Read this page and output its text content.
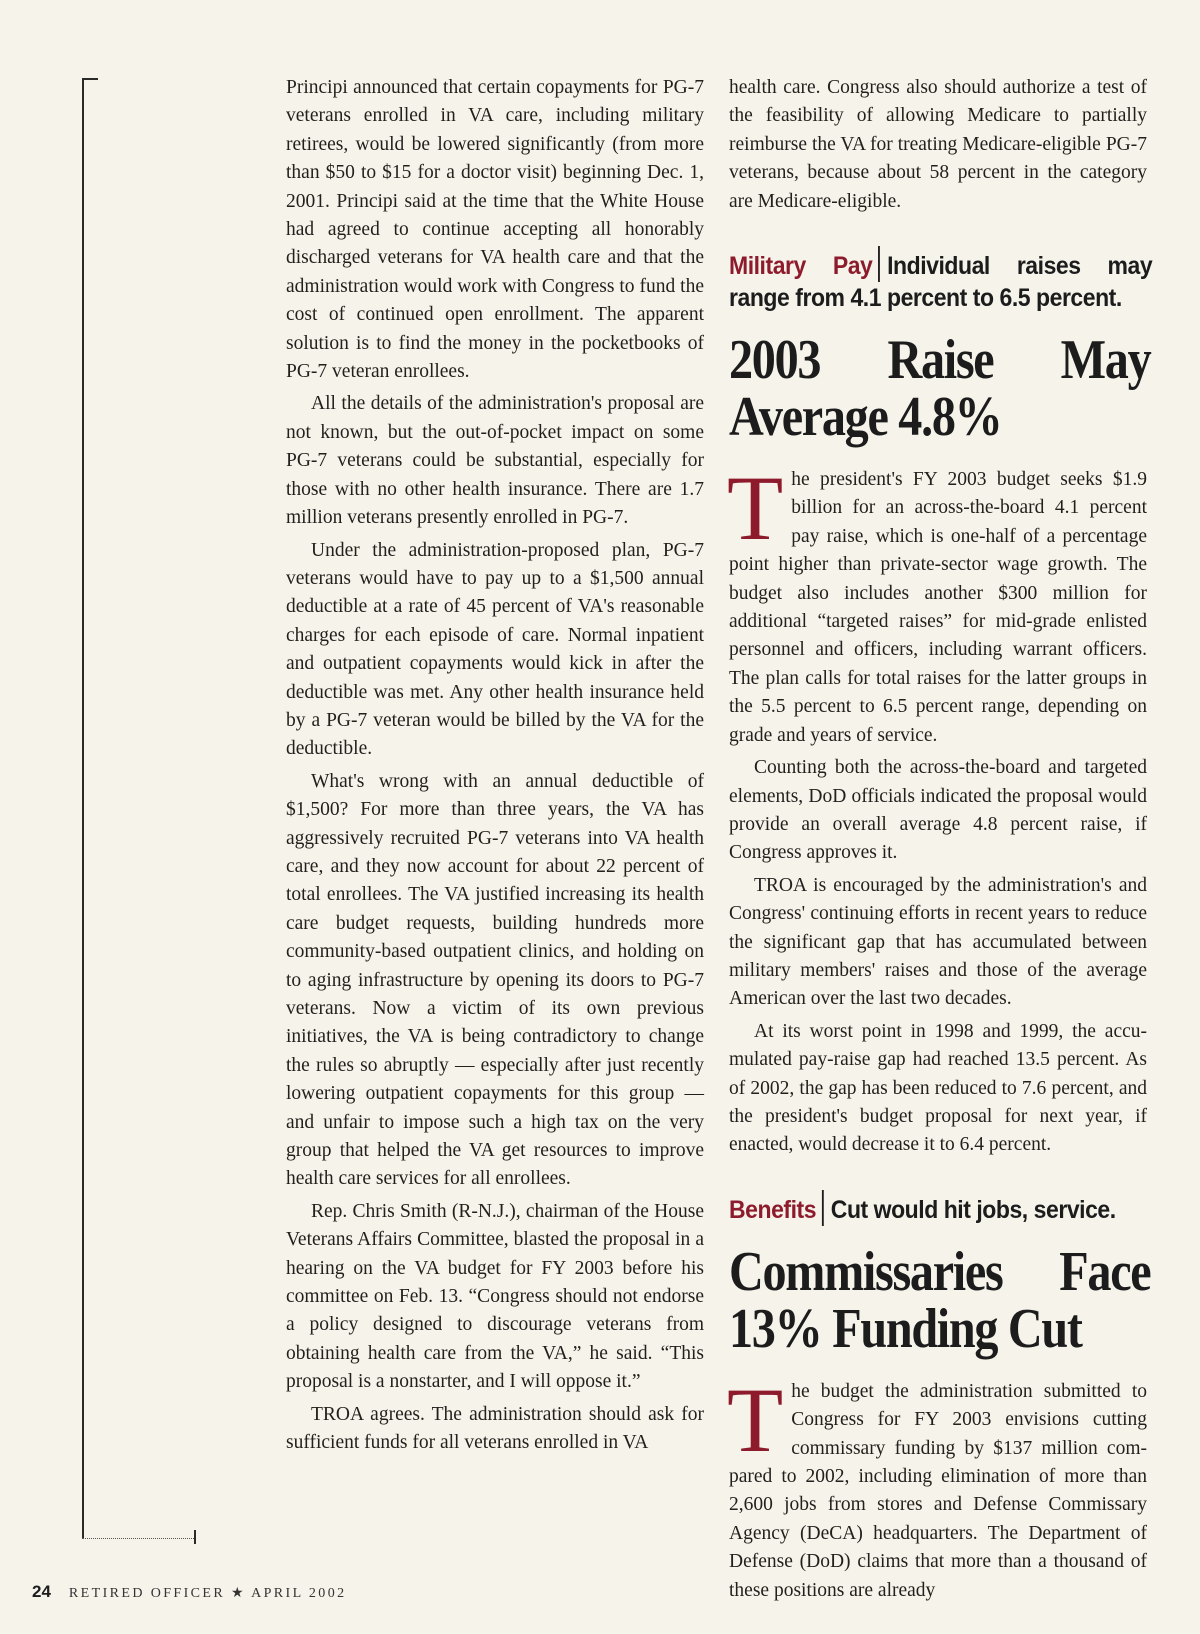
Principi announced that certain copayments for PG-7 veterans enrolled in VA care, including military retirees, would be lowered significantly (from more than $50 to $15 for a doctor visit) beginning Dec. 1, 2001. Principi said at the time that the White House had agreed to continue accepting all honorably discharged veterans for VA health care and that the administration would work with Congress to fund the cost of continued open enrollment. The apparent solution is to find the money in the pocketbooks of PG-7 veteran enrollees.

All the details of the administration's proposal are not known, but the out-of-pocket impact on some PG-7 veterans could be substantial, especially for those with no other health insurance. There are 1.7 million veterans presently enrolled in PG-7.

Under the administration-proposed plan, PG-7 veterans would have to pay up to a $1,500 annual deductible at a rate of 45 percent of VA's reasonable charges for each episode of care. Normal inpatient and outpatient copayments would kick in after the deductible was met. Any other health insurance held by a PG-7 veteran would be billed by the VA for the deductible.

What's wrong with an annual deductible of $1,500? For more than three years, the VA has aggressively recruited PG-7 veterans into VA health care, and they now account for about 22 percent of total enrollees. The VA justified increasing its health care budget requests, building hundreds more community-based outpatient clinics, and holding on to aging infrastructure by opening its doors to PG-7 veterans. Now a victim of its own previous initiatives, the VA is being contradictory to change the rules so abruptly — especially after just recently lowering outpatient copayments for this group — and unfair to impose such a high tax on the very group that helped the VA get resources to improve health care services for all enrollees.

Rep. Chris Smith (R-N.J.), chairman of the House Veterans Affairs Committee, blasted the proposal in a hearing on the VA budget for FY 2003 before his committee on Feb. 13. “Congress should not endorse a policy designed to discourage veterans from obtaining health care from the VA,” he said. “This proposal is a nonstarter, and I will oppose it.”

TROA agrees. The administration should ask for sufficient funds for all veterans enrolled in VA

health care. Congress also should authorize a test of the feasibility of allowing Medicare to partially reimburse the VA for treating Medicare-eligible PG-7 veterans, because about 58 percent in the category are Medicare-eligible.

Military Pay Individual raises may range from 4.1 percent to 6.5 percent.
2003 Raise May Average 4.8%

The president's FY 2003 budget seeks $1.9 billion for an across-the-board 4.1 percent pay raise, which is one-half of a percentage point higher than private-sector wage growth. The budget also includes another $300 million for additional “targeted raises” for mid-grade enlisted personnel and officers, including warrant officers. The plan calls for total raises for the latter groups in the 5.5 percent to 6.5 percent range, depending on grade and years of service.

Counting both the across-the-board and targeted elements, DoD officials indicated the proposal would provide an overall average 4.8 percent raise, if Congress approves it.

TROA is encouraged by the administration's and Congress' continuing efforts in recent years to reduce the significant gap that has accumulated between military members' raises and those of the average American over the last two decades.

At its worst point in 1998 and 1999, the accumulated pay-raise gap had reached 13.5 percent. As of 2002, the gap has been reduced to 7.6 percent, and the president's budget proposal for next year, if enacted, would decrease it to 6.4 percent.

Benefits Cut would hit jobs, service.
Commissaries Face 13% Funding Cut

The budget the administration submitted to Congress for FY 2003 envisions cutting commissary funding by $137 million compared to 2002, including elimination of more than 2,600 jobs from stores and Defense Commissary Agency (DeCA) headquarters. The Department of Defense (DoD) claims that more than a thousand of these positions are already

24 RETIRED OFFICER ★ APRIL 2002
